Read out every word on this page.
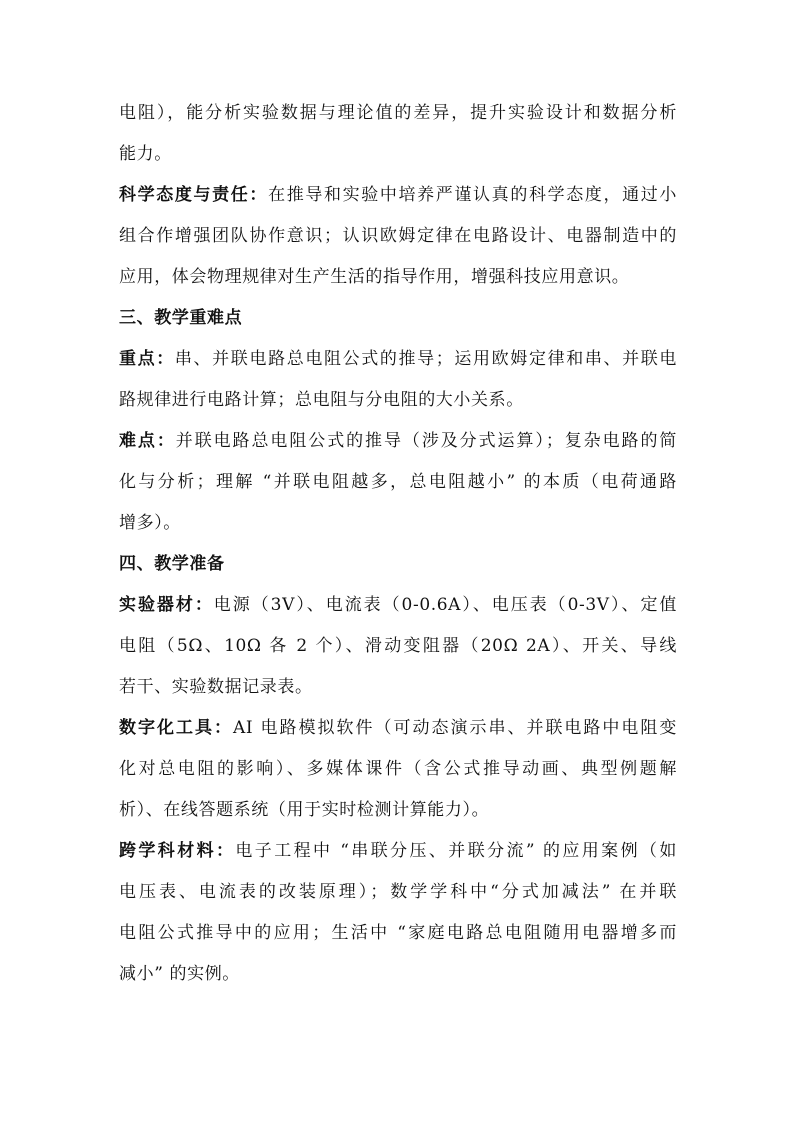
电阻），能分析实验数据与理论值的差异，提升实验设计和数据分析
能力。
科学态度与责任：在推导和实验中培养严谨认真的科学态度，通过小
组合作增强团队协作意识；认识欧姆定律在电路设计、电器制造中的
应用，体会物理规律对生产生活的指导作用，增强科技应用意识。
三、教学重难点
重点：串、并联电路总电阻公式的推导；运用欧姆定律和串、并联电
路规律进行电路计算；总电阻与分电阻的大小关系。
难点：并联电路总电阻公式的推导（涉及分式运算）；复杂电路的简
化与分析；理解 “并联电阻越多，总电阻越小” 的本质（电荷通路
增多）。
四、教学准备
实验器材：电源（3V）、电流表（0-0.6A）、电压表（0-3V）、定值
电阻（5Ω、10Ω 各 2 个）、滑动变阻器（20Ω 2A）、开关、导线
若干、实验数据记录表。
数字化工具：AI 电路模拟软件（可动态演示串、并联电路中电阻变
化对总电阻的影响）、多媒体课件（含公式推导动画、典型例题解
析）、在线答题系统（用于实时检测计算能力）。
跨学科材料：电子工程中 “串联分压、并联分流” 的应用案例（如
电压表、电流表的改装原理）；数学学科中“分式加减法” 在并联
电阻公式推导中的应用；生活中 “家庭电路总电阻随用电器增多而
减小” 的实例。
